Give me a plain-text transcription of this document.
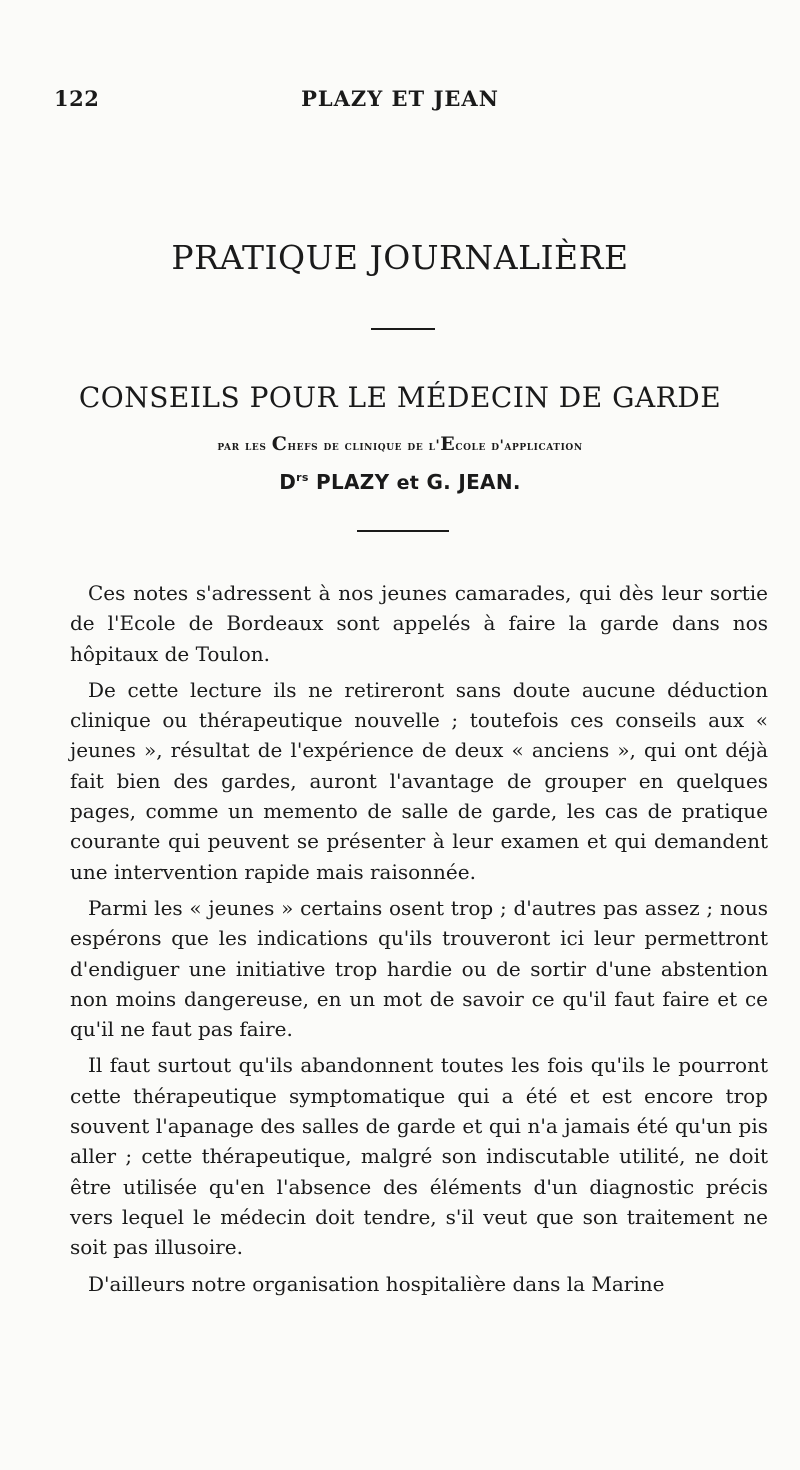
122	PLAZY ET JEAN
PRATIQUE JOURNALIÈRE
CONSEILS POUR LE MÉDECIN DE GARDE
par les Chefs de clinique de l'Ecole d'application
$D^{rs}$ PLAZY et G. JEAN.

Ces notes s'adressent à nos jeunes camarades, qui dès leur sortie de l'Ecole de Bordeaux sont appelés à faire la garde dans nos hôpitaux de Toulon.

De cette lecture ils ne retireront sans doute aucune déduction clinique ou thérapeutique nouvelle ; toutefois ces conseils aux « jeunes », résultat de l'expérience de deux « anciens », qui ont déjà fait bien des gardes, auront l'avantage de grouper en quelques pages, comme un memento de salle de garde, les cas de pratique courante qui peuvent se présenter à leur examen et qui demandent une intervention rapide mais raisonnée.

Parmi les « jeunes » certains osent trop ; d'autres pas assez ; nous espérons que les indications qu'ils trouveront ici leur permettront d'endiguer une initiative trop hardie ou de sortir d'une abstention non moins dangereuse, en un mot de savoir ce qu'il faut faire et ce qu'il ne faut pas faire.

Il faut surtout qu'ils abandonnent toutes les fois qu'ils le pourront cette thérapeutique symptomatique qui a été et est encore trop souvent l'apanage des salles de garde et qui n'a jamais été qu'un pis aller ; cette thérapeutique, malgré son indiscutable utilité, ne doit être utilisée qu'en l'absence des éléments d'un diagnostic précis vers lequel le médecin doit tendre, s'il veut que son traitement ne soit pas illusoire.

D'ailleurs notre organisation hospitalière dans la Marine
